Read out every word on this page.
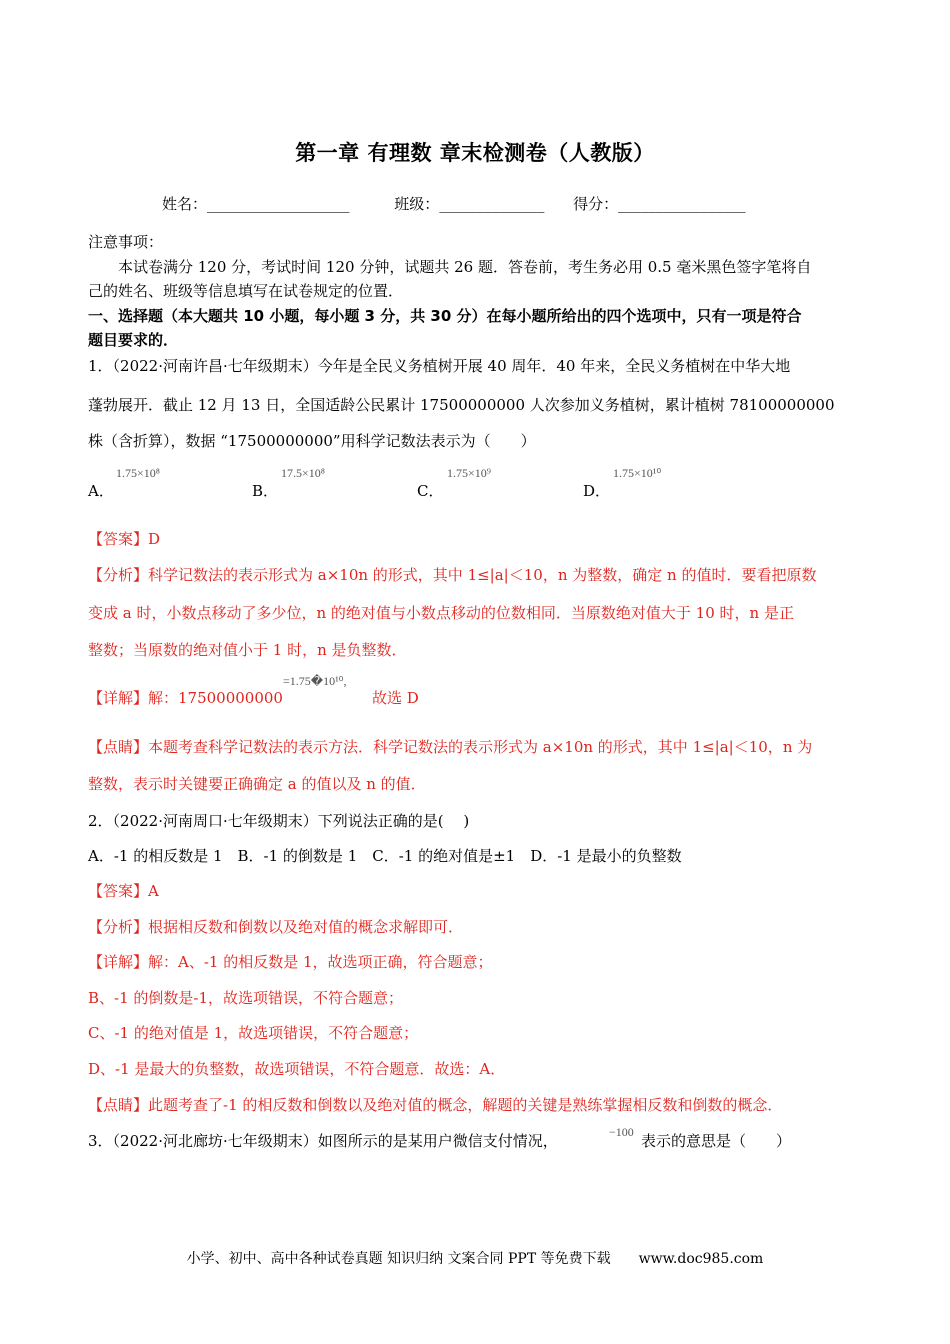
第一章 有理数 章末检测卷（人教版）
姓名：___________________	班级：______________ 得分：_________________
注意事项：
本试卷满分 120 分，考试时间 120 分钟，试题共 26 题．答卷前，考生务必用 0.5 毫米黑色签字笔将自
己的姓名、班级等信息填写在试卷规定的位置．
一、选择题（本大题共 10 小题，每小题 3 分，共 30 分）在每小题所给出的四个选项中，只有一项是符合
题目要求的．
1．（2022·河南许昌·七年级期末）今年是全民义务植树开展 40 周年．40 年来，全民义务植树在中华大地
蓬勃展开．截止 12 月 13 日，全国适龄公民累计 17500000000 人次参加义务植树，累计植树 78100000000
株（含折算），数据 “17500000000”用科学记数法表示为（　　）
A．
1.75×10⁸
B．
17.5×10⁸
C．
1.75×10⁹
D．
1.75×10¹⁰
【答案】D
【分析】科学记数法的表示形式为 a×10n 的形式，其中 1≤|a|＜10，n 为整数，确定 n 的值时．要看把原数
变成 a 时，小数点移动了多少位，n 的绝对值与小数点移动的位数相同．当原数绝对值大于 10 时，n 是正
整数；当原数的绝对值小于 1 时，n 是负整数．
【详解】解：17500000000
=1.75�10¹⁰,
故选 D
【点睛】本题考查科学记数法的表示方法．科学记数法的表示形式为 a×10n 的形式，其中 1≤|a|＜10，n 为
整数，表示时关键要正确确定 a 的值以及 n 的值．
2．（2022·河南周口·七年级期末）下列说法正确的是(　 )
A．-1 的相反数是 1　B．-1 的倒数是 1　C．-1 的绝对值是±1　D．-1 是最小的负整数
【答案】A
【分析】根据相反数和倒数以及绝对值的概念求解即可．
【详解】解：A、-1 的相反数是 1，故选项正确，符合题意；
B、-1 的倒数是-1，故选项错误，不符合题意；
C、-1 的绝对值是 1，故选项错误，不符合题意；
D、-1 是最大的负整数，故选项错误，不符合题意．故选：A．
【点睛】此题考查了-1 的相反数和倒数以及绝对值的概念，解题的关键是熟练掌握相反数和倒数的概念．
3．（2022·河北廊坊·七年级期末）如图所示的是某用户微信支付情况，	−100 表示的意思是（　　）
小学、初中、高中各种试卷真题 知识归纳 文案合同 PPT 等免费下载　　www.doc985.com
